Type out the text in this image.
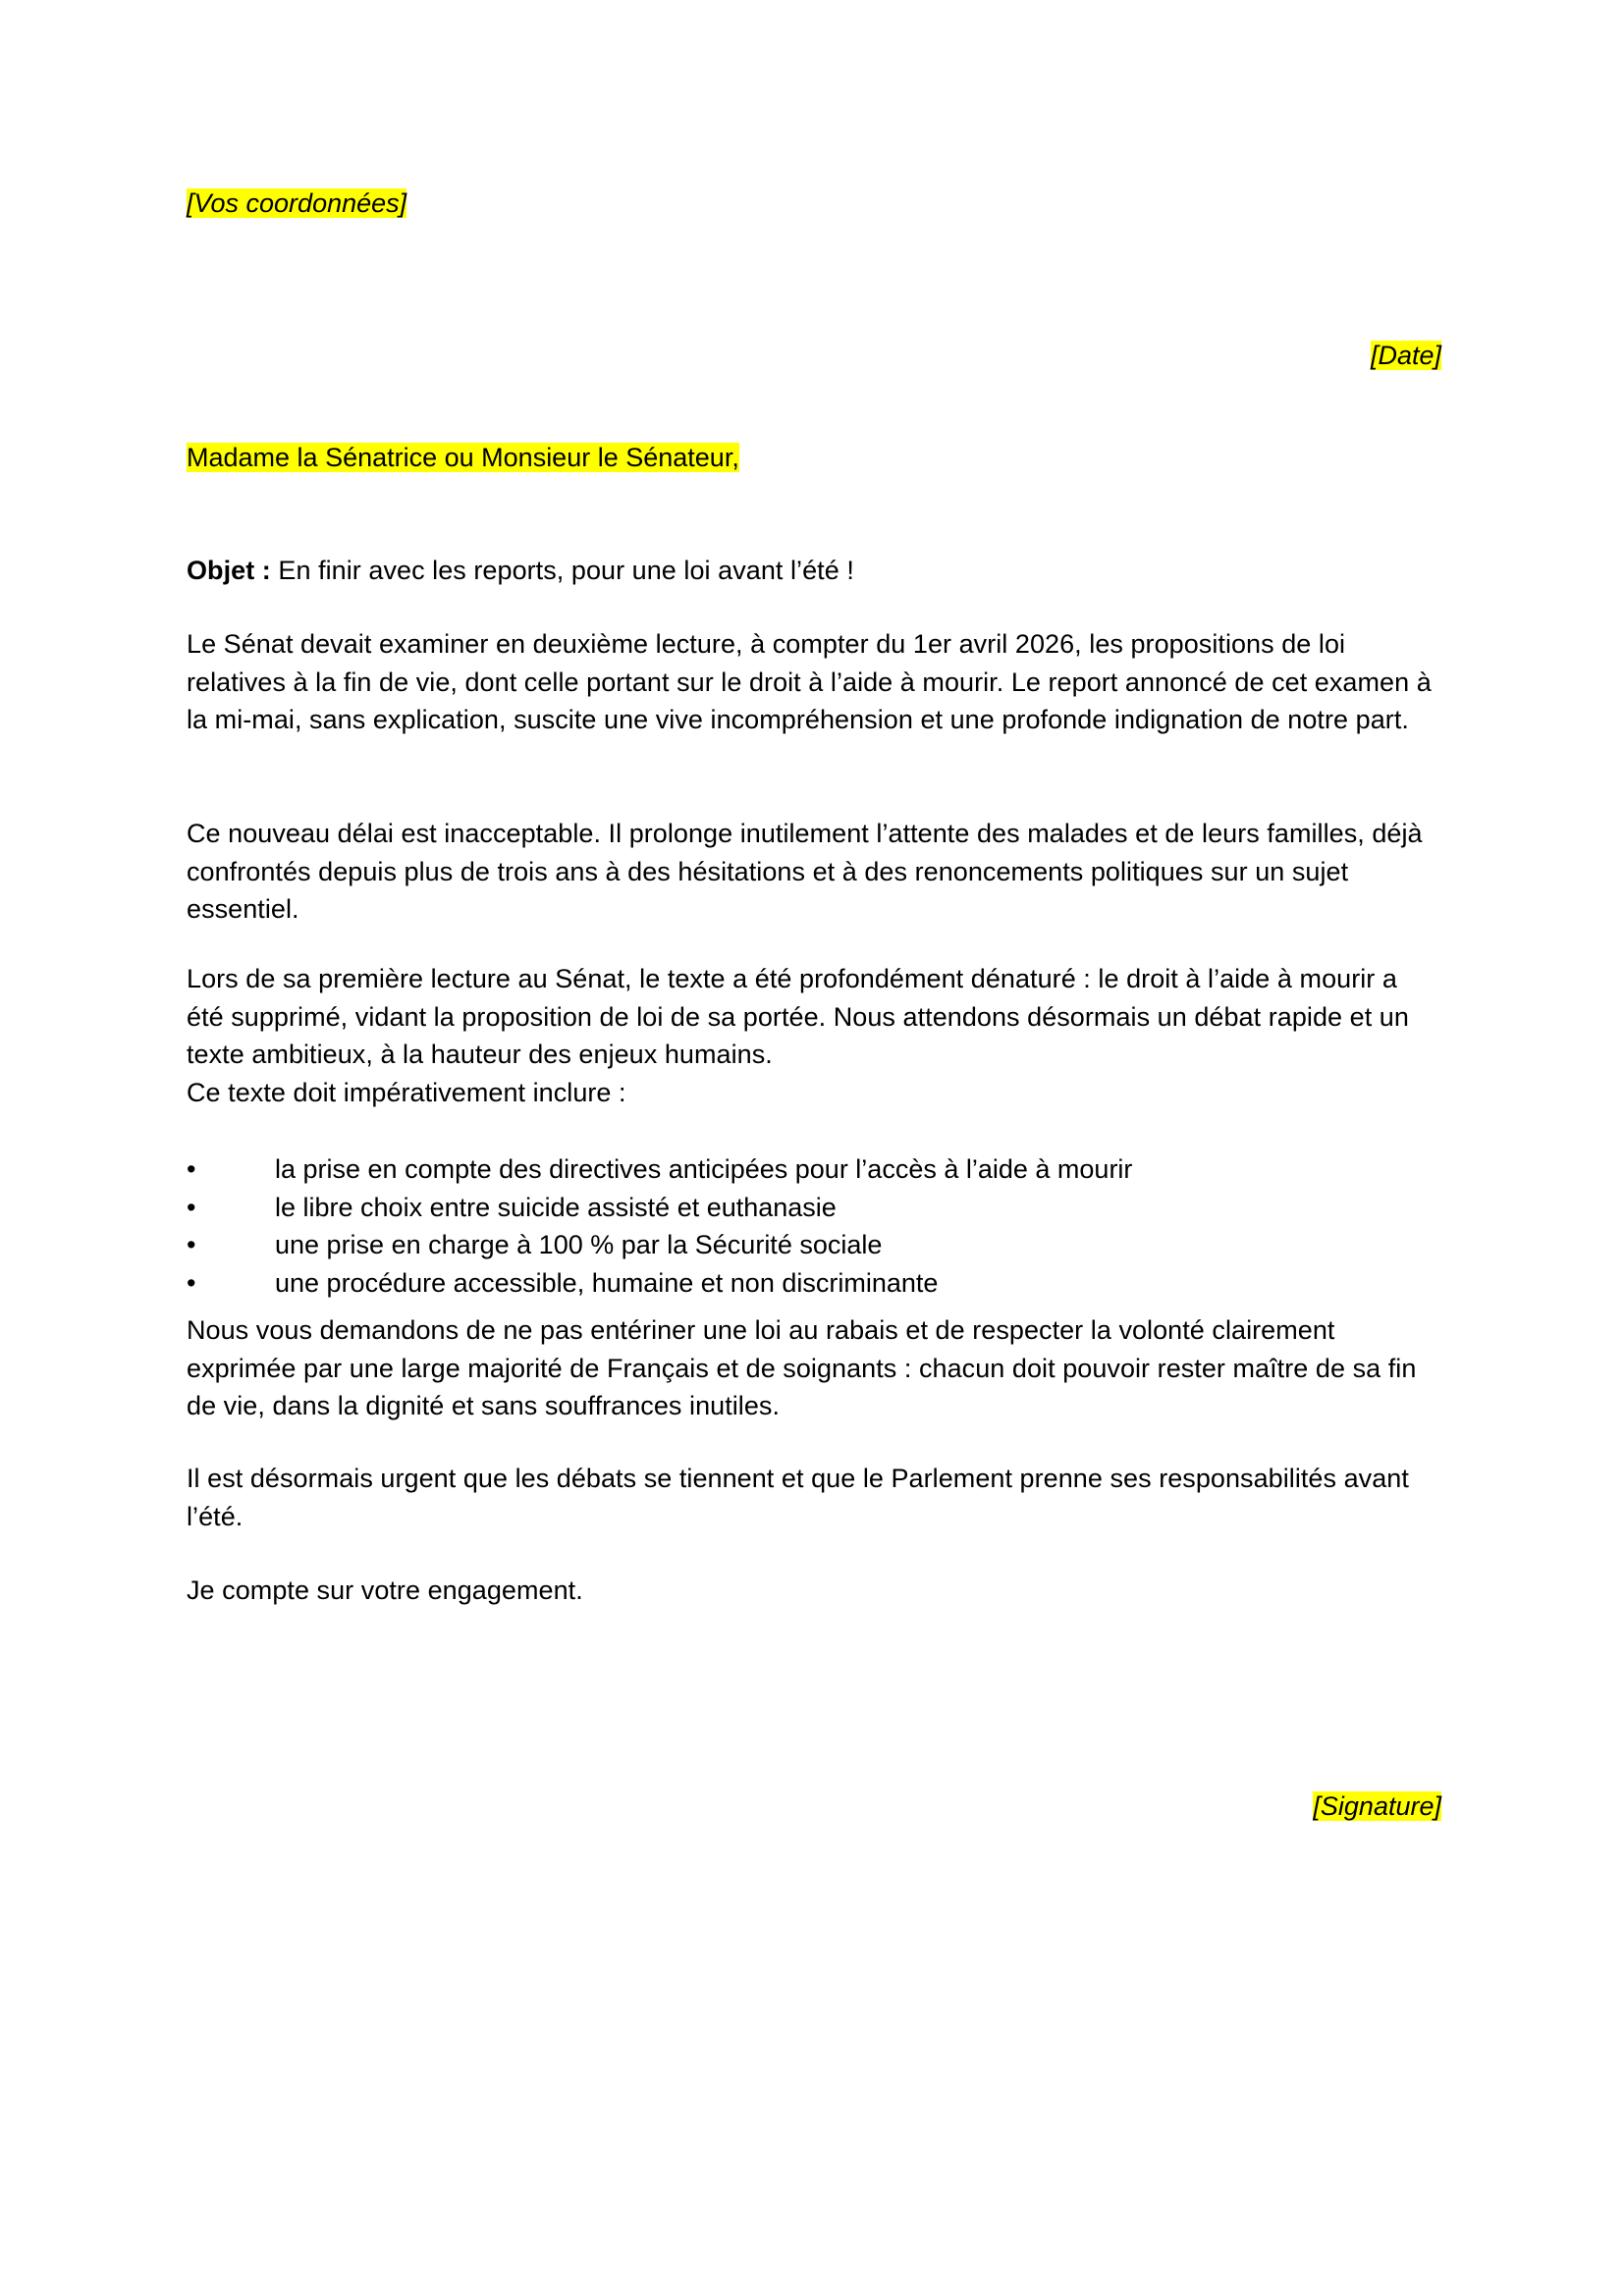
[Vos coordonnées]
[Date]
Madame la Sénatrice ou Monsieur le Sénateur,
Objet : En finir avec les reports, pour une loi avant l’été !
Le Sénat devait examiner en deuxième lecture, à compter du 1er avril 2026, les propositions de loi relatives à la fin de vie, dont celle portant sur le droit à l’aide à mourir. Le report annoncé de cet examen à la mi-mai, sans explication, suscite une vive incompréhension et une profonde indignation de notre part.
Ce nouveau délai est inacceptable. Il prolonge inutilement l’attente des malades et de leurs familles, déjà confrontés depuis plus de trois ans à des hésitations et à des renoncements politiques sur un sujet essentiel.
Lors de sa première lecture au Sénat, le texte a été profondément dénaturé : le droit à l’aide à mourir a été supprimé, vidant la proposition de loi de sa portée. Nous attendons désormais un débat rapide et un texte ambitieux, à la hauteur des enjeux humains.
Ce texte doit impérativement inclure :
•	la prise en compte des directives anticipées pour l’accès à l’aide à mourir
•	le libre choix entre suicide assisté et euthanasie
•	une prise en charge à 100 % par la Sécurité sociale
•	une procédure accessible, humaine et non discriminante
Nous vous demandons de ne pas entériner une loi au rabais et de respecter la volonté clairement exprimée par une large majorité de Français et de soignants : chacun doit pouvoir rester maître de sa fin de vie, dans la dignité et sans souffrances inutiles.
Il est désormais urgent que les débats se tiennent et que le Parlement prenne ses responsabilités avant l’été.
Je compte sur votre engagement.
[Signature]
